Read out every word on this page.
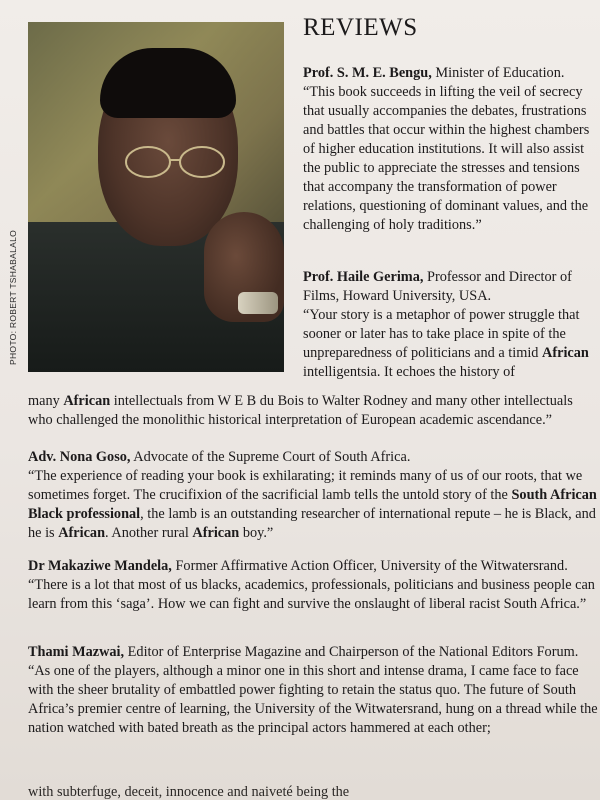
PHOTO: ROBERT TSHABALALO
REVIEWS

Prof. S. M. E. Bengu, Minister of Education.

“This book succeeds in lifting the veil of secrecy that usually accompanies the debates, frustrations and battles that occur within the highest chambers of higher education institutions. It will also assist the public to appreciate the stresses and tensions that accompany the transformation of power relations, questioning of dominant values, and the challenging of holy traditions.”

Prof. Haile Gerima, Professor and Director of Films, Howard University, USA.

“Your story is a metaphor of power struggle that sooner or later has to take place in spite of the unpreparedness of politicians and a timid African intelligentsia. It echoes the history of

many African intellectuals from W E B du Bois to Walter Rodney and many other intellectuals who challenged the monolithic historical interpretation of European academic ascendance.”

Adv. Nona Goso, Advocate of the Supreme Court of South Africa.

“The experience of reading your book is exhilarating; it reminds many of us of our roots, that we sometimes forget. The crucifixion of the sacrificial lamb tells the untold story of the South African Black professional, the lamb is an outstanding researcher of international repute – he is Black, and he is African. Another rural African boy.”

Dr Makaziwe Mandela, Former Affirmative Action Officer, University of the Witwatersrand.

“There is a lot that most of us blacks, academics, professionals, politicians and business people can learn from this ‘saga’. How we can fight and survive the onslaught of liberal racist South Africa.”

Thami Mazwai, Editor of Enterprise Magazine and Chairperson of the National Editors Forum.

“As one of the players, although a minor one in this short and intense drama, I came face to face with the sheer brutality of embattled power fighting to retain the status quo. The future of South Africa’s premier centre of learning, the University of the Witwatersrand, hung on a thread while the nation watched with bated breath as the principal actors hammered at each other;

with subterfuge, deceit, innocence and naiveté being the
